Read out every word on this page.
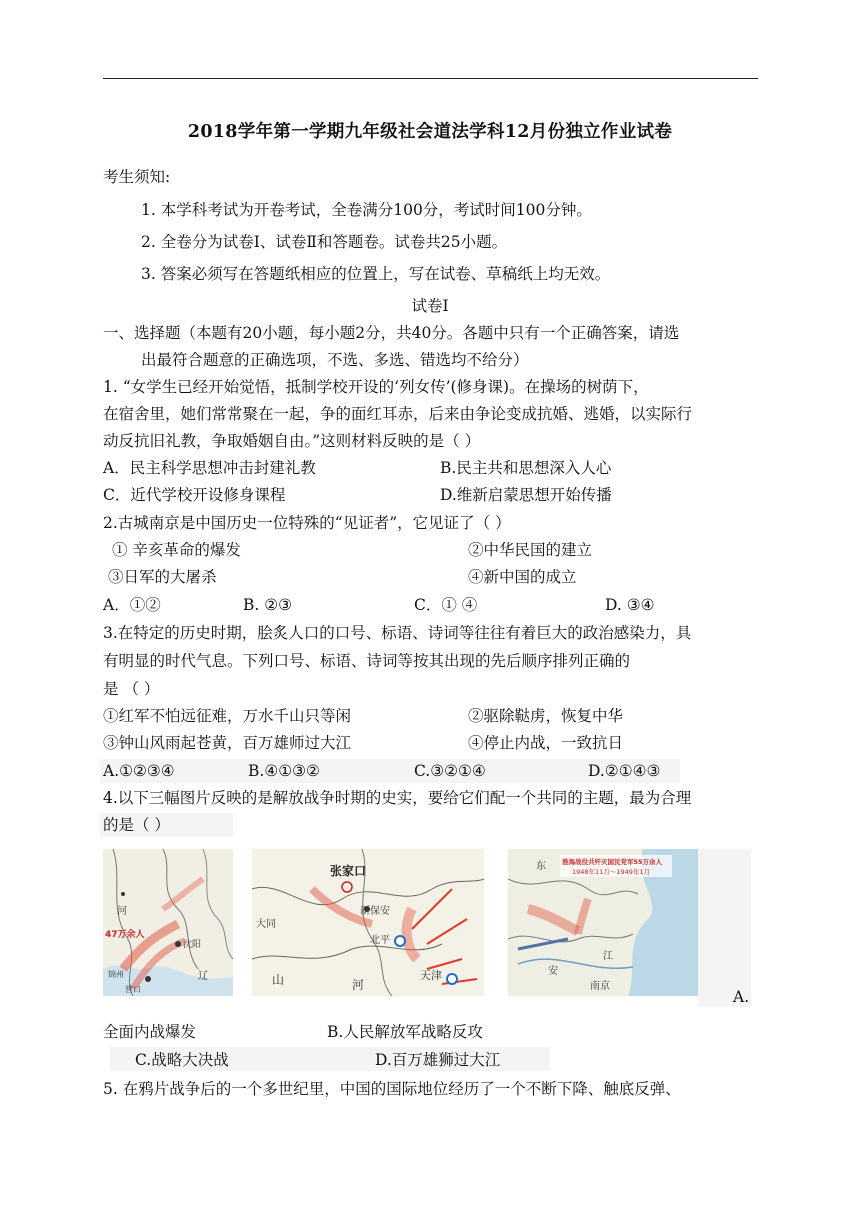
2018学年第一学期九年级社会道法学科12月份独立作业试卷
考生须知:
1. 本学科考试为开卷考试，全卷满分100分，考试时间100分钟。
2. 全卷分为试卷Ⅰ、试卷Ⅱ和答题卷。试卷共25小题。
3. 答案必须写在答题纸相应的位置上，写在试卷、草稿纸上均无效。
试卷Ⅰ
一、选择题（本题有20小题，每小题2分，共40分。各题中只有一个正确答案，请选
出最符合题意的正确选项，不选、多选、错选均不给分）
1. “女学生已经开始觉悟，抵制学校开设的‘列女传’(修身课)。在操场的树荫下，
在宿舍里，她们常常聚在一起，争的面红耳赤，后来由争论变成抗婚、逃婚，以实际行
动反抗旧礼教，争取婚姻自由。”这则材料反映的是（ ）
A．民主科学思想冲击封建礼教	B.民主共和思想深入人心
C．近代学校开设修身课程	D.维新启蒙思想开始传播
2.古城南京是中国历史一位特殊的“见证者”，它见证了（ ）
① 辛亥革命的爆发	②中华民国的建立
③日军的大屠杀	④新中国的成立
A．①②	B. ②③	C．① ④	D. ③④
3.在特定的历史时期，脍炙人口的口号、标语、诗词等往往有着巨大的政治感染力，具
有明显的时代气息。下列口号、标语、诗词等按其出现的先后顺序排列正确的
是 （ ）
①红军不怕远征难，万水千山只等闲	②驱除鞑虏，恢复中华
③钟山风雨起苍黄，百万雄师过大江	④停止内战，一致抗日
A.①②③④	B.④①③②	C.③②①④	D.②①④③
4.以下三幅图片反映的是解放战争时期的史实，要给它们配一个共同的主题，最为合理
的是（ ）
河
47万余人
沈阳
营口
锦州	辽
张家口
新保安
大同
北平
天津
山	河
淮海战役共歼灭国民党军55万余人
1948年11月～1949年1月
东
南京
江
安
A.
全面内战爆发	B.人民解放军战略反攻
C.战略大决战	D.百万雄狮过大江
5. 在鸦片战争后的一个多世纪里，中国的国际地位经历了一个不断下降、触底反弹、
